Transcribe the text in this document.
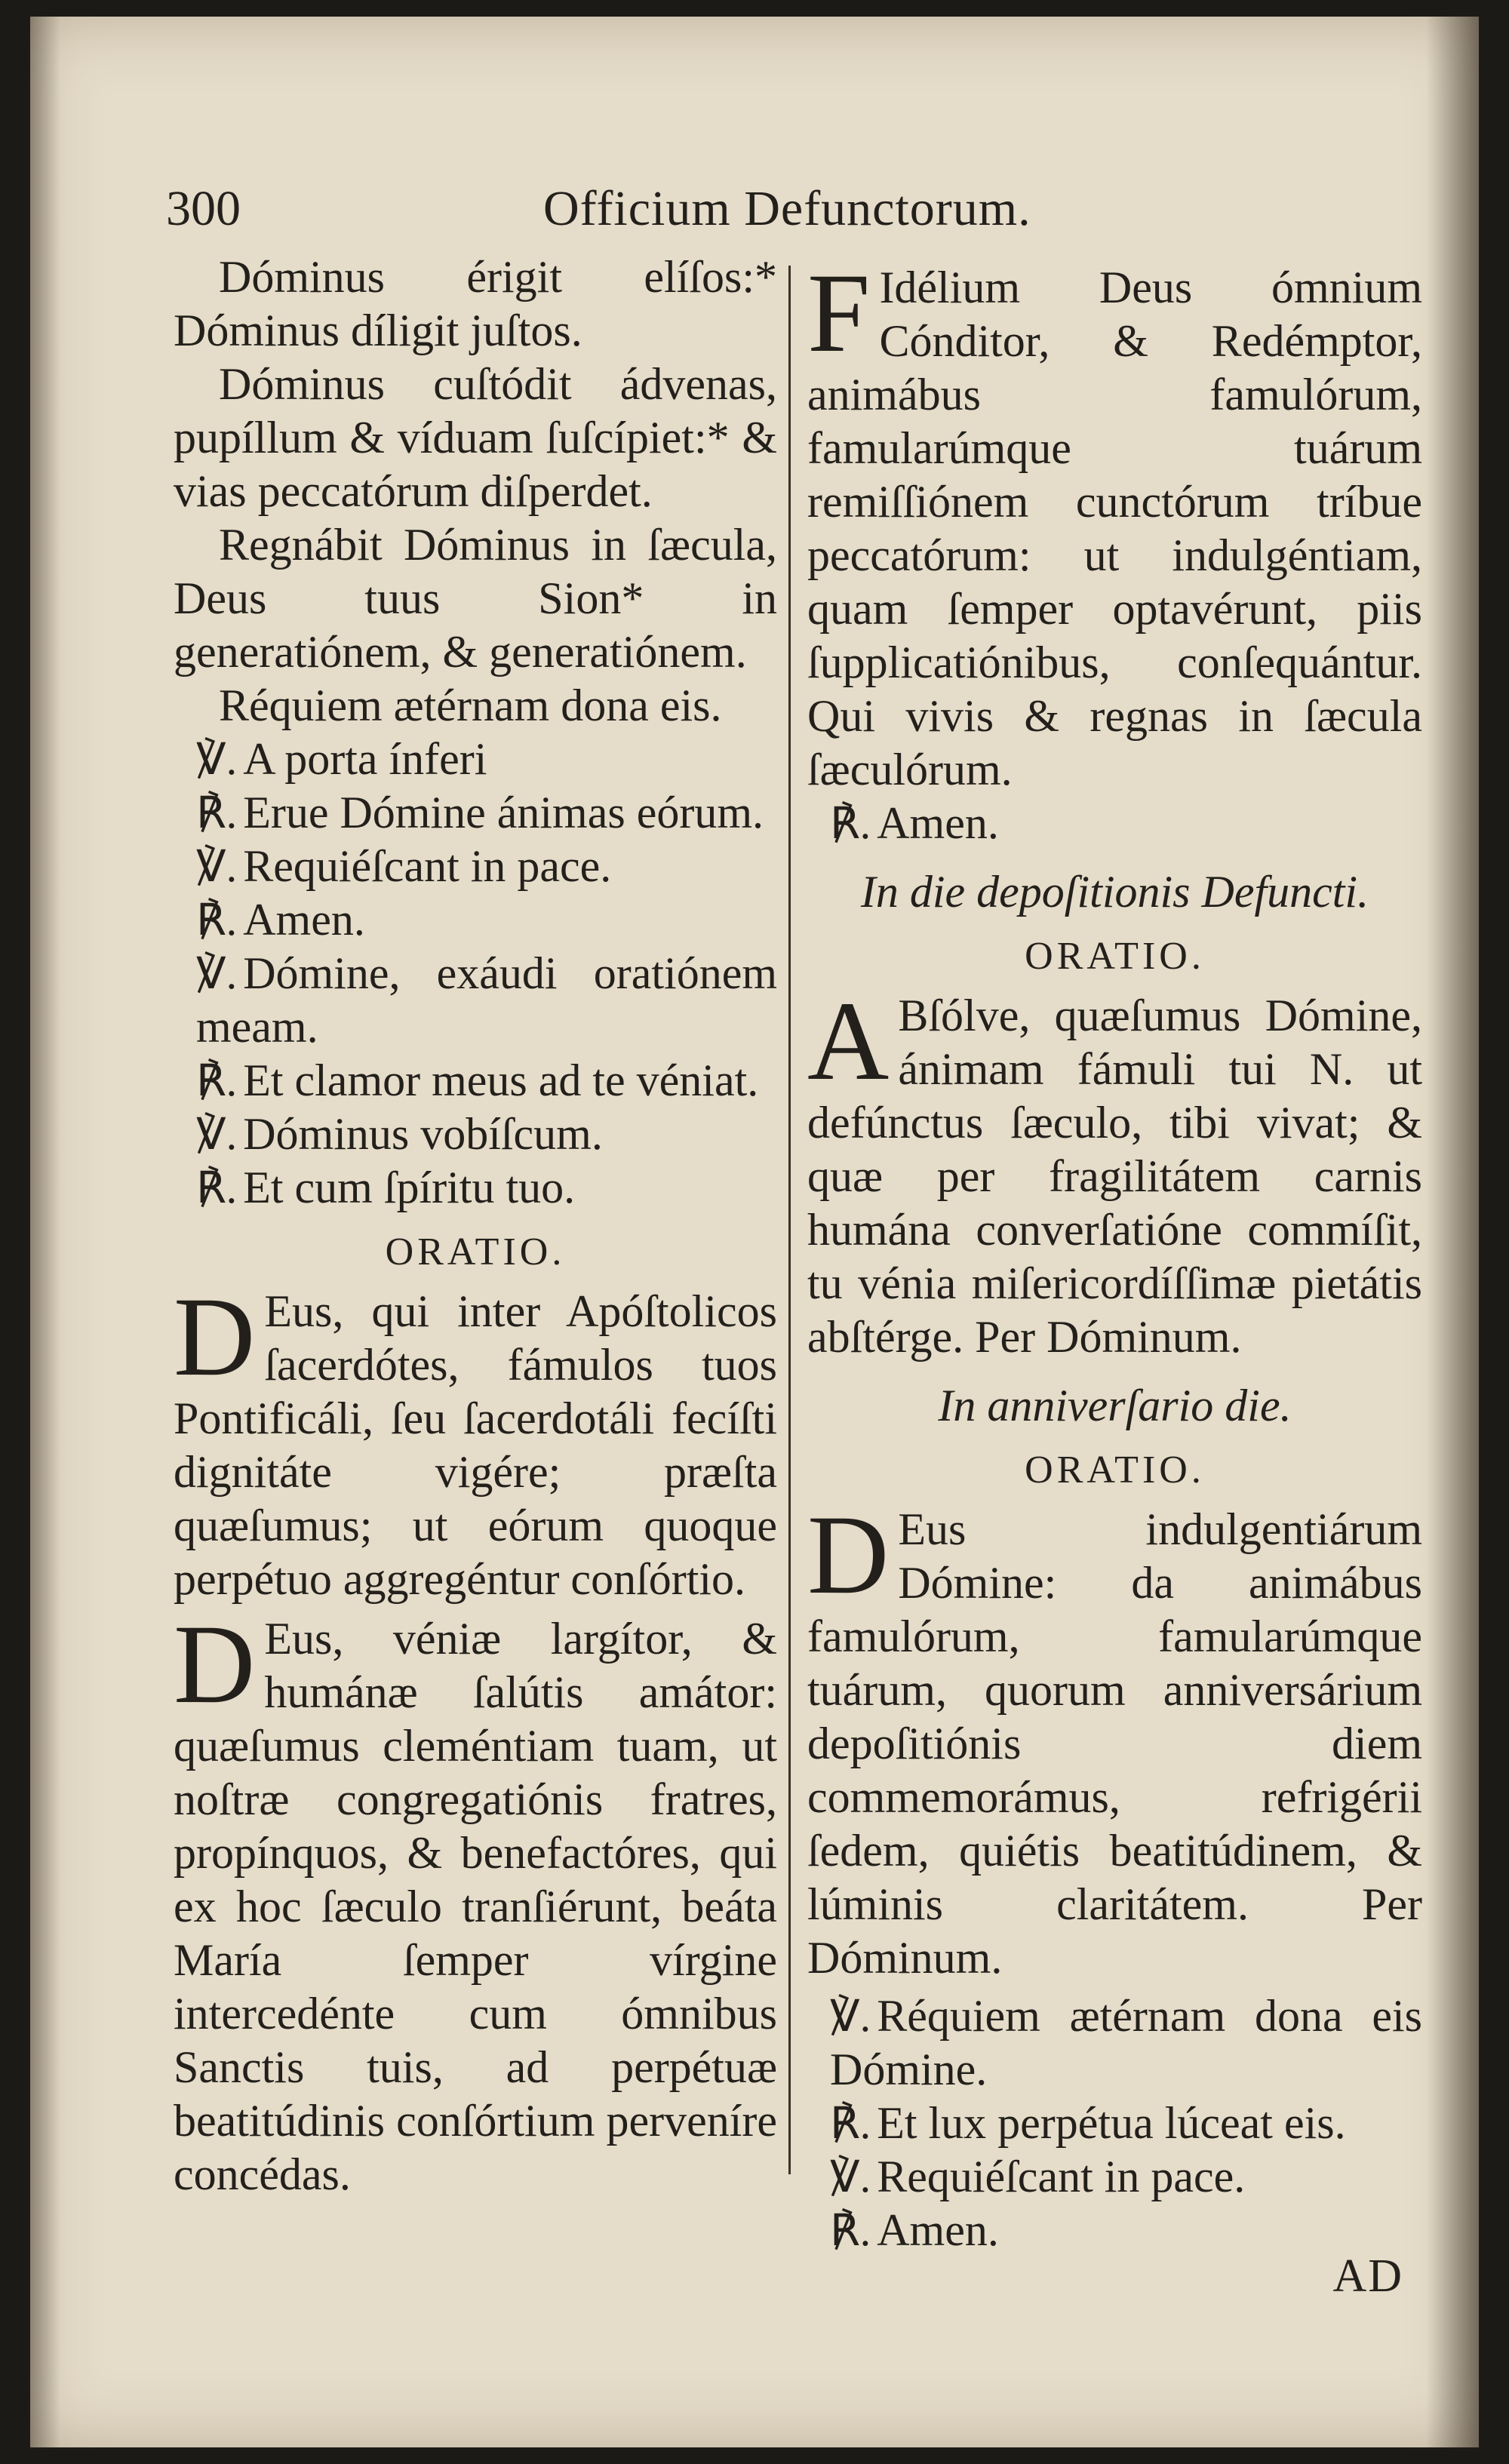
300	Officium Defunctorum.

Dóminus érigit elíſos:* Dóminus díligit juſtos.

Dóminus cuſtódit ádvenas, pupíllum & víduam ſuſcípiet:* & vias peccatórum diſperdet.

Regnábit Dóminus in ſæcula, Deus tuus Sion* in generatiónem, & generatiónem.

Réquiem ætérnam dona eis.

℣. A porta ínferi

℟. Erue Dómine ánimas eórum.

℣. Requiéſcant in pace.

℟. Amen.

℣. Dómine, exáudi oratiónem meam.

℟. Et clamor meus ad te véniat.

℣. Dóminus vobíſcum.

℟. Et cum ſpíritu tuo.

ORATIO.

D Eus, qui inter Apóſtolicos ſacerdótes, fámulos tuos Pontificáli, ſeu ſacerdotáli fecíſti dignitáte vigére; præſta quæſumus; ut eórum quoque perpétuo aggregéntur conſórtio.

D Eus, véniæ largítor, & humánæ ſalútis amátor: quæſumus cleméntiam tuam, ut noſtræ congregatiónis fratres, propínquos, & benefactóres, qui ex hoc ſæculo tranſiérunt, beáta María ſemper vírgine intercedénte cum ómnibus Sanctis tuis, ad perpétuæ beatitúdinis conſórtium perveníre concédas.

F Idélium Deus ómnium Cónditor, & Redémptor, animábus famulórum, famularúmque tuárum remiſſiónem cunctórum tríbue peccatórum: ut indulgéntiam, quam ſemper optavérunt, piis ſupplicatiónibus, conſequántur. Qui vivis & regnas in ſæcula ſæculórum.

℟. Amen.

In die depoſitionis Defuncti.
ORATIO.

A Bſólve, quæſumus Dómine, ánimam fámuli tui N. ut defúnctus ſæculo, tibi vivat; & quæ per fragilitátem carnis humána converſatióne commíſit, tu vénia miſericordíſſimæ pietátis abſtérge. Per Dóminum.

In anniverſario die.
ORATIO.

D Eus indulgentiárum Dómine: da animábus famulórum, famularúmque tuárum, quorum anniversárium depoſitiónis diem commemorámus, refrigérii ſedem, quiétis beatitúdinem, & lúminis claritátem. Per Dóminum.

℣. Réquiem ætérnam dona eis Dómine.

℟. Et lux perpétua lúceat eis.

℣. Requiéſcant in pace.

℟. Amen.

AD
